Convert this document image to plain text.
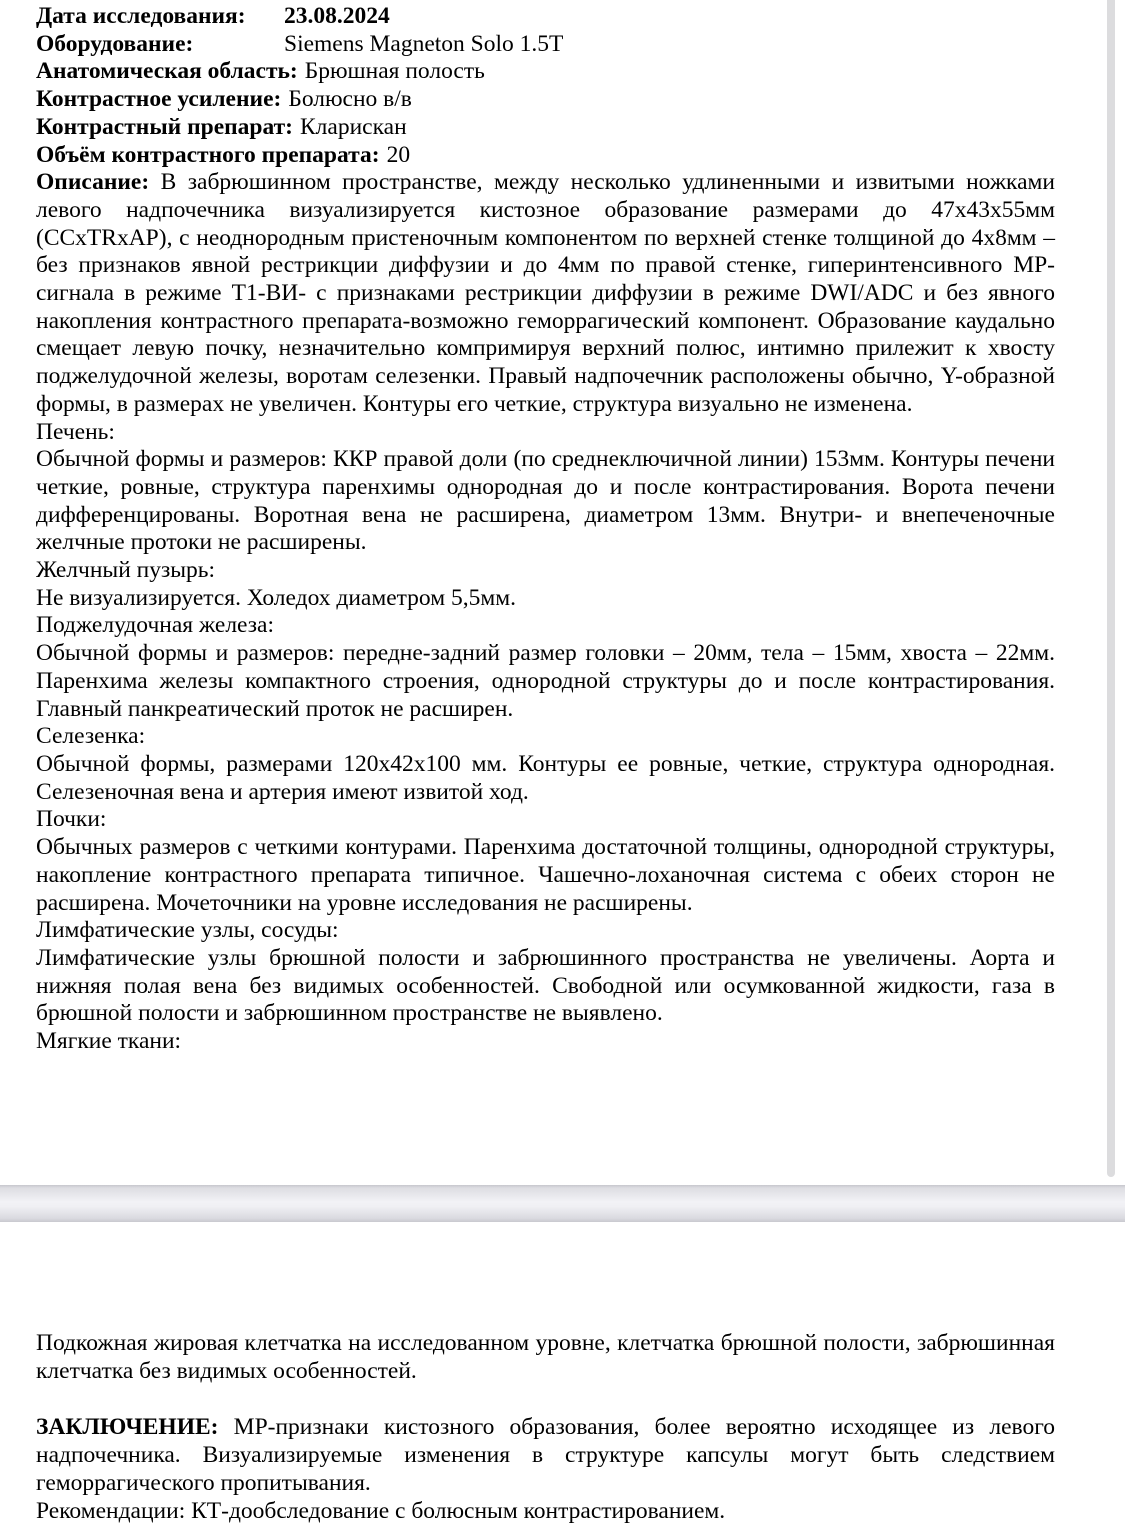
Дата исследования: 23.08.2024
Оборудование:	Siemens Magneton Solo 1.5T
Анатомическая область: Брюшная полость
Контрастное усиление: Болюсно в/в
Контрастный препарат: Кларискан
Объём контрастного препарата: 20

Описание: В забрюшинном пространстве, между несколько удлиненными и извитыми ножками левого надпочечника визуализируется кистозное образование размерами до 47х43х55мм (CCxTRxAP), с неоднородным пристеночным компонентом по верхней стенке толщиной до 4х8мм – без признаков явной рестрикции диффузии и до 4мм по правой стенке, гиперинтенсивного МР-сигнала в режиме Т1-ВИ- с признаками рестрикции диффузии в режиме DWI/ADC и без явного накопления контрастного препарата-возможно геморрагический компонент. Образование каудально смещает левую почку, незначительно компримируя верхний полюс, интимно прилежит к хвосту поджелудочной железы, воротам селезенки. Правый надпочечник расположены обычно, Y-образной формы, в размерах не увеличен. Контуры его четкие, структура визуально не изменена.

Печень:

Обычной формы и размеров: ККР правой доли (по среднеключичной линии) 153мм. Контуры печени четкие, ровные, структура паренхимы однородная до и после контрастирования. Ворота печени дифференцированы. Воротная вена не расширена, диаметром 13мм. Внутри- и внепеченочные желчные протоки не расширены.

Желчный пузырь:

Не визуализируется. Холедох диаметром 5,5мм.

Поджелудочная железа:

Обычной формы и размеров: передне-задний размер головки – 20мм, тела – 15мм, хвоста – 22мм. Паренхима железы компактного строения, однородной структуры до и после контрастирования. Главный панкреатический проток не расширен.

Селезенка:

Обычной формы, размерами 120х42х100 мм. Контуры ее ровные, четкие, структура однородная. Селезеночная вена и артерия имеют извитой ход.

Почки:

Обычных размеров с четкими контурами. Паренхима достаточной толщины, однородной структуры, накопление контрастного препарата типичное. Чашечно-лоханочная система с обеих сторон не расширена. Мочеточники на уровне исследования не расширены.

Лимфатические узлы, сосуды:

Лимфатические узлы брюшной полости и забрюшинного пространства не увеличены. Аорта и нижняя полая вена без видимых особенностей. Свободной или осумкованной жидкости, газа в брюшной полости и забрюшинном пространстве не выявлено.

Мягкие ткани:

Подкожная жировая клетчатка на исследованном уровне, клетчатка брюшной полости, забрюшинная клетчатка без видимых особенностей.

ЗАКЛЮЧЕНИЕ: МР-признаки кистозного образования, более вероятно исходящее из левого надпочечника. Визуализируемые изменения в структуре капсулы могут быть следствием геморрагического пропитывания.

Рекомендации: КТ-дообследование с болюсным контрастированием.
